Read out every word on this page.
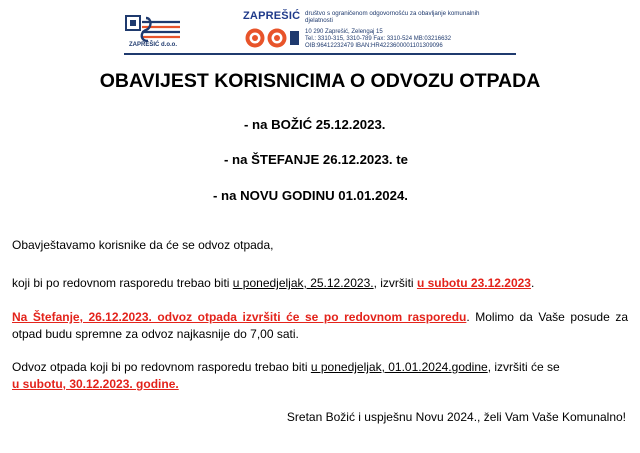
ZAPREŠIĆ d.o.o.
ZAPREŠIĆ društvo s ograničenom odgovornošću za obavljanje komunalnih djelatnosti
10 290 Zaprešić, Zelengaj 15
Tel.: 3310-315, 3310-789 Fax: 3310-524 MB:03216632
OIB:96412232479 IBAN:HR4223600001101309096
OBAVIJEST KORISNICIMA O ODVOZU OTPADA
- na BOŽIĆ 25.12.2023.
- na ŠTEFANJE 26.12.2023. te
- na NOVU GODINU 01.01.2024.
Obavještavamo korisnike da će se odvoz otpada,
koji bi po redovnom rasporedu trebao biti u ponedjeljak, 25.12.2023., izvršiti u subotu 23.12.2023.
Na Štefanje, 26.12.2023. odvoz otpada izvršiti će se po redovnom rasporedu. Molimo da Vaše posude za otpad budu spremne za odvoz najkasnije do 7,00 sati.
Odvoz otpada koji bi po redovnom rasporedu trebao biti u ponedjeljak, 01.01.2024.godine, izvršiti će se
u subotu, 30.12.2023. godine.
Sretan Božić i uspješnu Novu 2024., želi Vam Vaše Komunalno!
